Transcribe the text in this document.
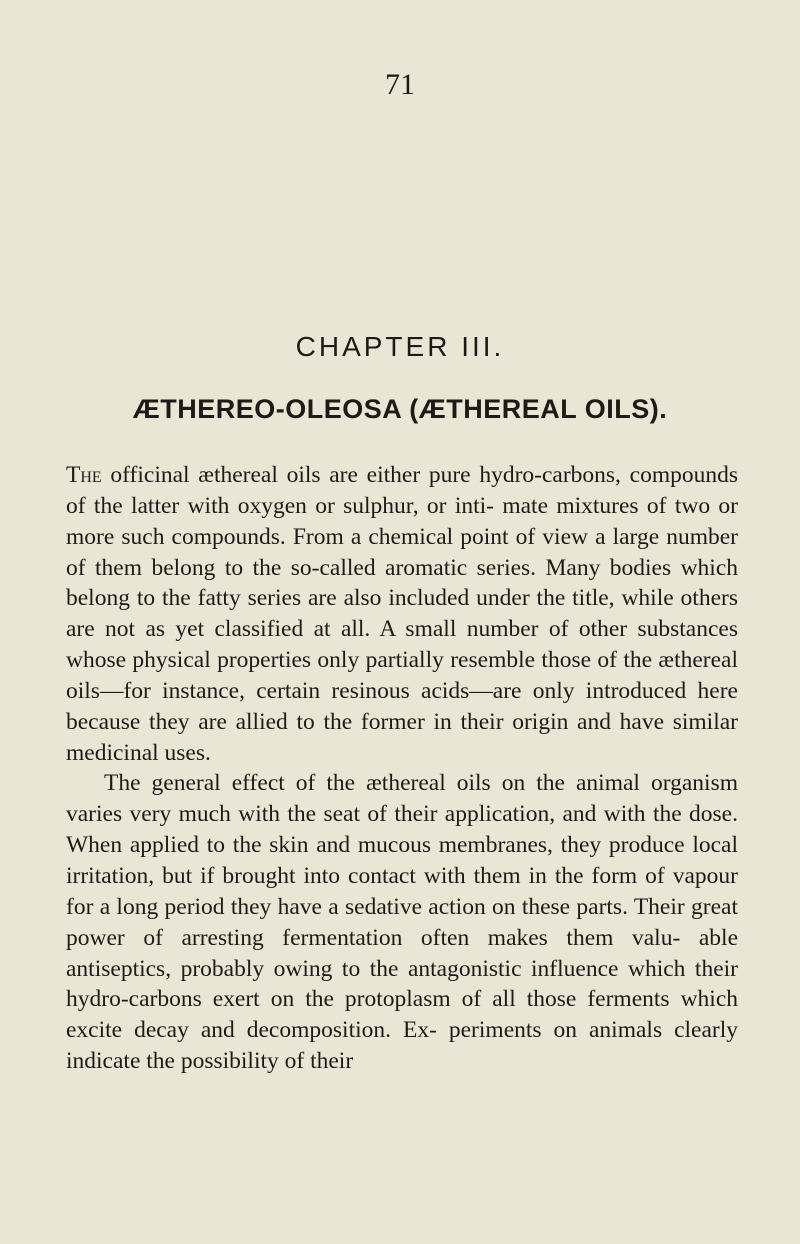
71
CHAPTER III.
ÆTHEREO-OLEOSA (ÆTHEREAL OILS).

The officinal æthereal oils are either pure hydro-carbons, compounds of the latter with oxygen or sulphur, or inti- mate mixtures of two or more such compounds. From a chemical point of view a large number of them belong to the so-called aromatic series. Many bodies which belong to the fatty series are also included under the title, while others are not as yet classified at all. A small number of other substances whose physical properties only partially resemble those of the æthereal oils—for instance, certain resinous acids—are only introduced here because they are allied to the former in their origin and have similar medicinal uses.

The general effect of the æthereal oils on the animal organism varies very much with the seat of their application, and with the dose. When applied to the skin and mucous membranes, they produce local irritation, but if brought into contact with them in the form of vapour for a long period they have a sedative action on these parts. Their great power of arresting fermentation often makes them valu- able antiseptics, probably owing to the antagonistic influence which their hydro-carbons exert on the protoplasm of all those ferments which excite decay and decomposition. Ex- periments on animals clearly indicate the possibility of their
